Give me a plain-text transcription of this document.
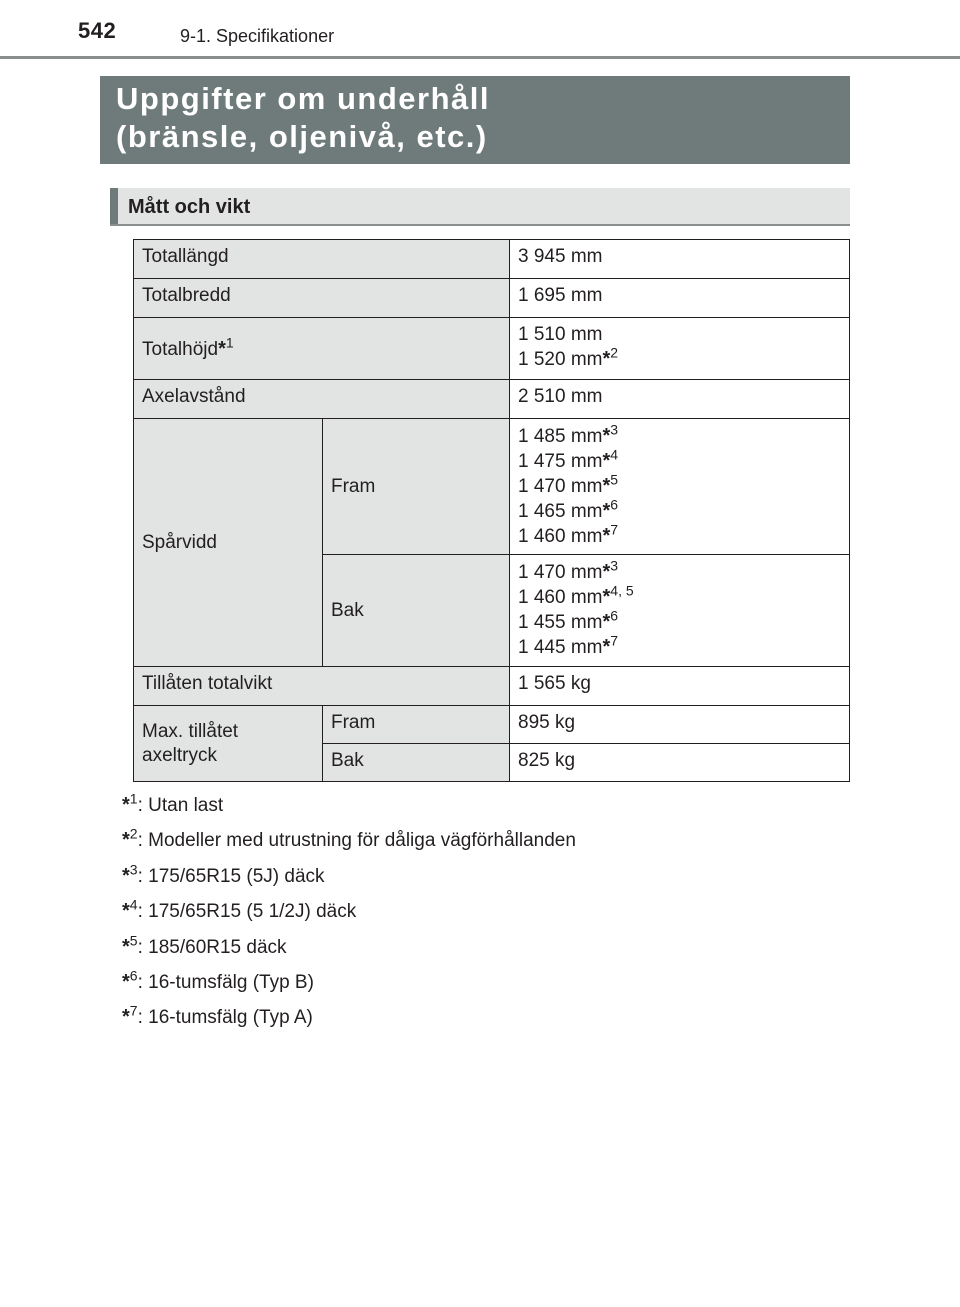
542	9-1. Specifikationer
Uppgifter om underhåll
(bränsle, oljenivå, etc.)
Mått och vikt
Totallängd		3 945 mm
Totalbredd		1 695 mm
Totalhöjd*$^1$		1 510 mm
1 520 mm*$^2$

Axelavstånd		2 510 mm
Spårvidd	Fram	1 485 mm*$^3$
1 475 mm*$^4$
1 470 mm*$^5$
1 465 mm*$^6$
1 460 mm*$^7$

	Bak	1 470 mm*$^3$
1 460 mm*$^{4, 5}$
1 455 mm*$^6$
1 445 mm*$^7$

Tillåten totalvikt		1 565 kg

Max. tillåtet
axeltryck	Fram	895 kg
	Bak	825 kg
*$^1$: Utan last
*$^2$: Modeller med utrustning för dåliga vägförhållanden
*$^3$: 175/65R15 (5J) däck
*$^4$: 175/65R15 (5 1/2J) däck
*$^5$: 185/60R15 däck
*$^6$: 16-tumsfälg (Typ B)
*$^7$: 16-tumsfälg (Typ A)
